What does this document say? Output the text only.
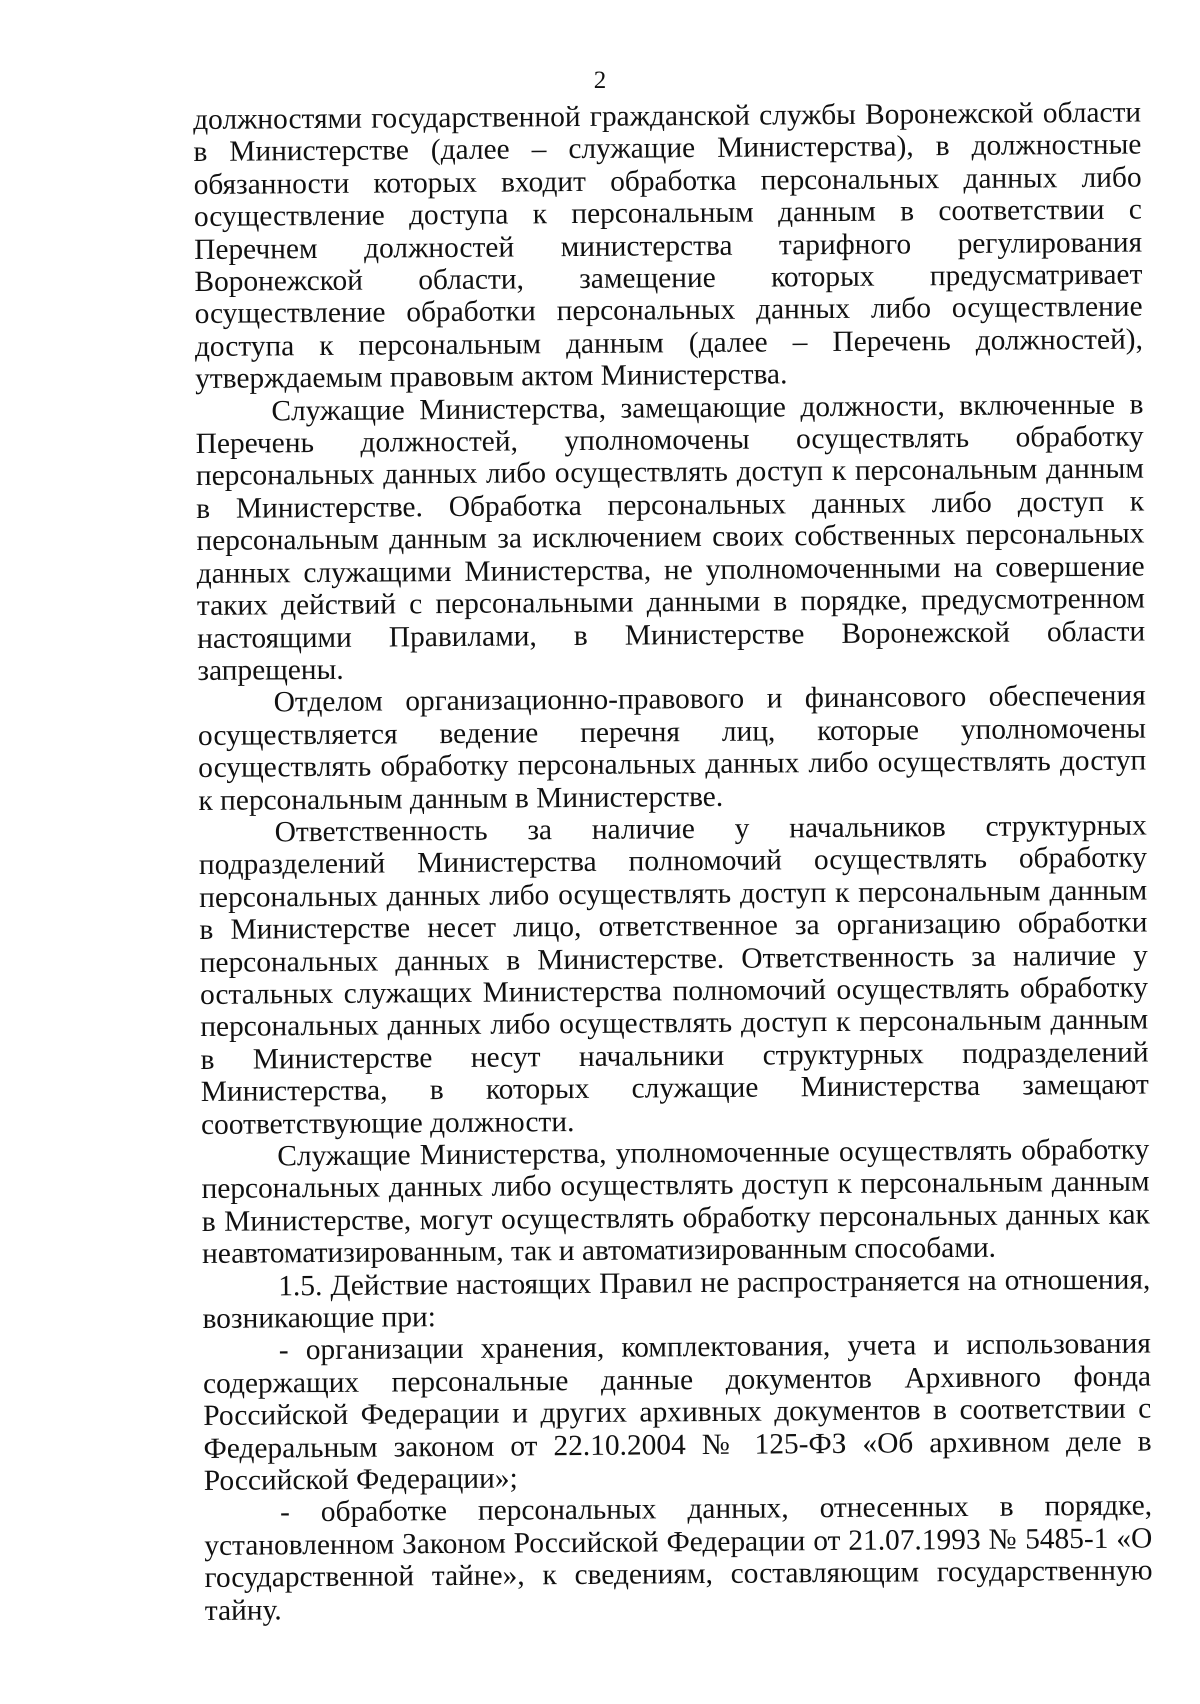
2

должностями государственной гражданской службы Воронежской области в Министерстве (далее – служащие Министерства), в должностные обязанности которых входит обработка персональных данных либо осуществление доступа к персональным данным в соответствии с Перечнем должностей министерства тарифного регулирования Воронежской области, замещение которых предусматривает осуществление обработки персональных данных либо осуществление доступа к персональным данным (далее – Перечень должностей), утверждаемым правовым актом Министерства.

Служащие Министерства, замещающие должности, включенные в Перечень должностей, уполномочены осуществлять обработку персональных данных либо осуществлять доступ к персональным данным в Министерстве. Обработка персональных данных либо доступ к персональным данным за исключением своих собственных персональных данных служащими Министерства, не уполномоченными на совершение таких действий с персональными данными в порядке, предусмотренном настоящими Правилами, в Министерстве Воронежской области запрещены.

Отделом организационно-правового и финансового обеспечения осуществляется ведение перечня лиц, которые уполномочены осуществлять обработку персональных данных либо осуществлять доступ к персональным данным в Министерстве.

Ответственность за наличие у начальников структурных подразделений Министерства полномочий осуществлять обработку персональных данных либо осуществлять доступ к персональным данным в Министерстве несет лицо, ответственное за организацию обработки персональных данных в Министерстве. Ответственность за наличие у остальных служащих Министерства полномочий осуществлять обработку персональных данных либо осуществлять доступ к персональным данным в Министерстве несут начальники структурных подразделений Министерства, в которых служащие Министерства замещают соответствующие должности.

Служащие Министерства, уполномоченные осуществлять обработку персональных данных либо осуществлять доступ к персональным данным в Министерстве, могут осуществлять обработку персональных данных как неавтоматизированным, так и автоматизированным способами.

1.5. Действие настоящих Правил не распространяется на отношения, возникающие при:

- организации хранения, комплектования, учета и использования содержащих персональные данные документов Архивного фонда Российской Федерации и других архивных документов в соответствии с Федеральным законом от 22.10.2004 № 125-ФЗ «Об архивном деле в Российской Федерации»;

- обработке персональных данных, отнесенных в порядке, установленном Законом Российской Федерации от 21.07.1993 № 5485-1 «О государственной тайне», к сведениям, составляющим государственную тайну.
